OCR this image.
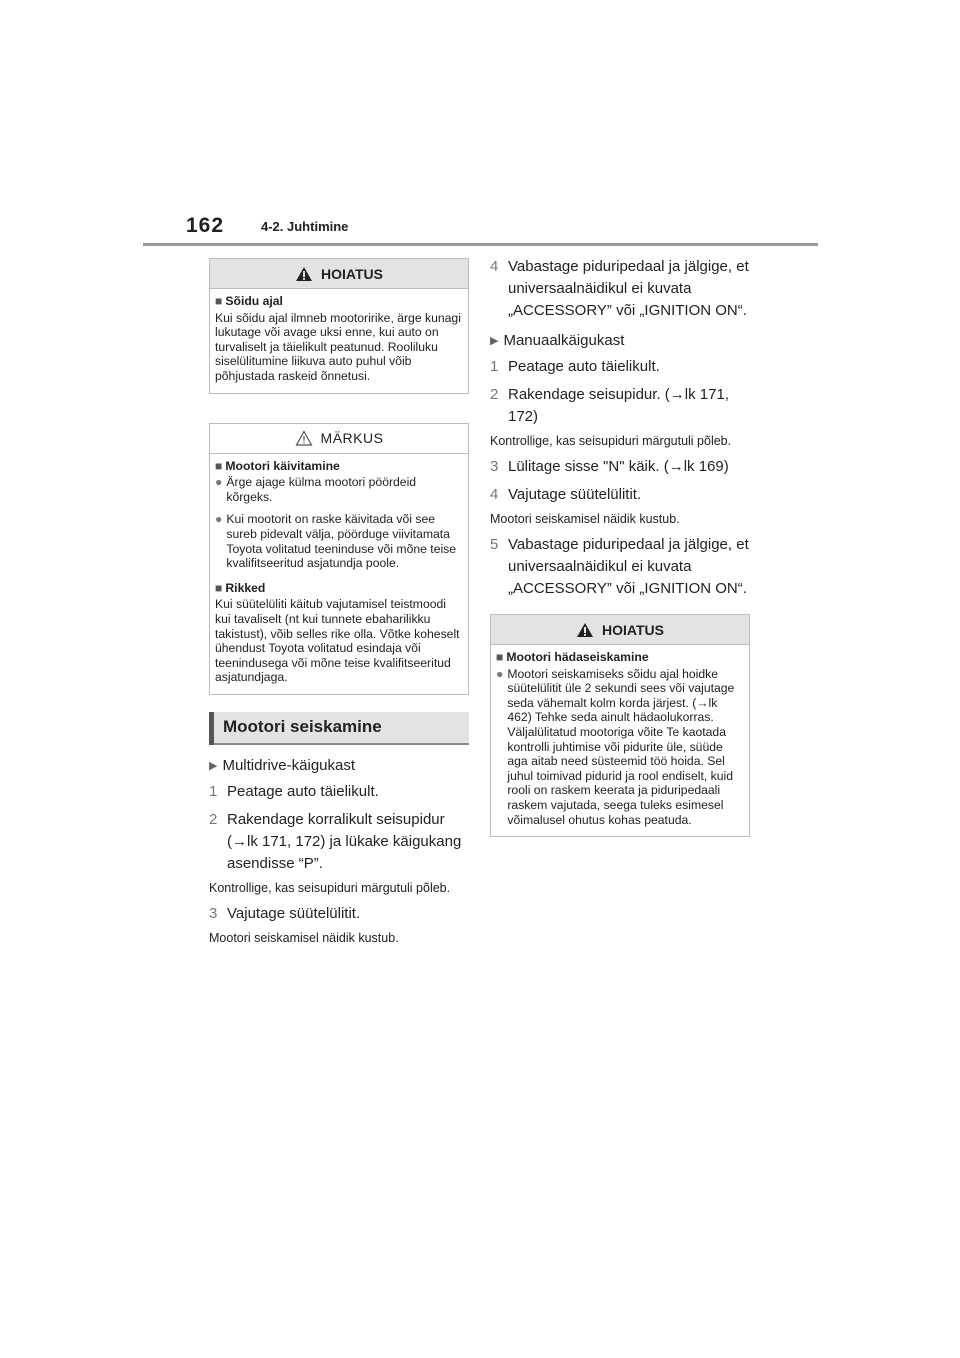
162	4-2. Juhtimine
HOIATUS
■ Sõidu ajal

Kui sõidu ajal ilmneb mootoririke, ärge kunagi lukutage või avage uksi enne, kui auto on turvaliselt ja täielikult peatunud. Rooliluku siselülitumine liikuva auto puhul võib põhjustada raskeid õnnetusi.

MÄRKUS
■ Mootori käivitamine
● Ärge ajage külma mootori pöördeid kõrgeks.
● Kui mootorit on raske käivitada või see sureb pidevalt välja, pöörduge viivitamata Toyota volitatud teeninduse või mõne teise kvalifitseeritud asjatundja poole.
■ Rikked

Kui süütelüliti käitub vajutamisel teistmoodi kui tavaliselt (nt kui tunnete ebaharilikku takistust), võib selles rike olla. Võtke koheselt ühendust Toyota volitatud esindaja või teenindusega või mõne teise kvalifitseeritud asjatundjaga.

Mootori seiskamine
▶ Multidrive-käigukast
1 Peatage auto täielikult.
2 Rakendage korralikult seisupidur (→lk 171, 172) ja lükake käigukang asendisse “P”.

Kontrollige, kas seisupiduri märgutuli põleb.

3 Vajutage süütelülitit.

Mootori seiskamisel näidik kustub.

4 Vabastage piduripedaal ja jälgige, et universaalnäidikul ei kuvata „ACCESSORY” või „IGNITION ON“.
▶ Manuaalkäigukast
1 Peatage auto täielikult.
2 Rakendage seisupidur. (→lk 171, 172)

Kontrollige, kas seisupiduri märgutuli põleb.

3 Lülitage sisse "N" käik. (→lk 169)
4 Vajutage süütelülitit.

Mootori seiskamisel näidik kustub.

5 Vabastage piduripedaal ja jälgige, et universaalnäidikul ei kuvata „ACCESSORY” või „IGNITION ON“.
HOIATUS
■ Mootori hädaseiskamine
● Mootori seiskamiseks sõidu ajal hoidke süütelülitit üle 2 sekundi sees või vajutage seda vähemalt kolm korda järjest. (→lk 462) Tehke seda ainult hädaolukorras. Väljalülitatud mootoriga võite Te kaotada kontrolli juhtimise või pidurite üle, süüde aga aitab need süsteemid töö hoida. Sel juhul toimivad pidurid ja rool endiselt, kuid rooli on raskem keerata ja piduripedaali raskem vajutada, seega tuleks esimesel võimalusel ohutus kohas peatuda.
